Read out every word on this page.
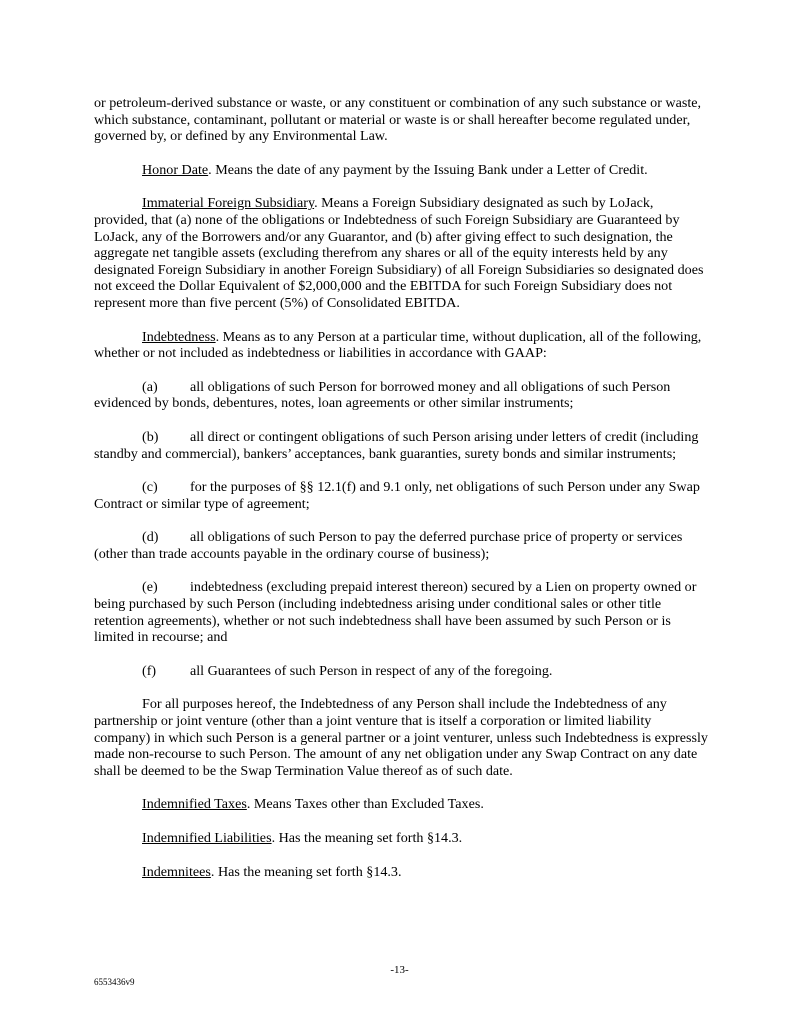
or petroleum-derived substance or waste, or any constituent or combination of any such substance or waste, which substance, contaminant, pollutant or material or waste is or shall hereafter become regulated under, governed by, or defined by any Environmental Law.

Honor Date. Means the date of any payment by the Issuing Bank under a Letter of Credit.

Immaterial Foreign Subsidiary. Means a Foreign Subsidiary designated as such by LoJack, provided, that (a) none of the obligations or Indebtedness of such Foreign Subsidiary are Guaranteed by LoJack, any of the Borrowers and/or any Guarantor, and (b) after giving effect to such designation, the aggregate net tangible assets (excluding therefrom any shares or all of the equity interests held by any designated Foreign Subsidiary in another Foreign Subsidiary) of all Foreign Subsidiaries so designated does not exceed the Dollar Equivalent of $2,000,000 and the EBITDA for such Foreign Subsidiary does not represent more than five percent (5%) of Consolidated EBITDA.

Indebtedness. Means as to any Person at a particular time, without duplication, all of the following, whether or not included as indebtedness or liabilities in accordance with GAAP:

(a) all obligations of such Person for borrowed money and all obligations of such Person evidenced by bonds, debentures, notes, loan agreements or other similar instruments;

(b) all direct or contingent obligations of such Person arising under letters of credit (including standby and commercial), bankers’ acceptances, bank guaranties, surety bonds and similar instruments;

(c) for the purposes of §§ 12.1(f) and 9.1 only, net obligations of such Person under any Swap Contract or similar type of agreement;

(d) all obligations of such Person to pay the deferred purchase price of property or services (other than trade accounts payable in the ordinary course of business);

(e) indebtedness (excluding prepaid interest thereon) secured by a Lien on property owned or being purchased by such Person (including indebtedness arising under conditional sales or other title retention agreements), whether or not such indebtedness shall have been assumed by such Person or is limited in recourse; and

(f) all Guarantees of such Person in respect of any of the foregoing.

For all purposes hereof, the Indebtedness of any Person shall include the Indebtedness of any partnership or joint venture (other than a joint venture that is itself a corporation or limited liability company) in which such Person is a general partner or a joint venturer, unless such Indebtedness is expressly made non-recourse to such Person. The amount of any net obligation under any Swap Contract on any date shall be deemed to be the Swap Termination Value thereof as of such date.

Indemnified Taxes. Means Taxes other than Excluded Taxes.

Indemnified Liabilities. Has the meaning set forth §14.3.

Indemnitees. Has the meaning set forth §14.3.

-13-
6553436v9
